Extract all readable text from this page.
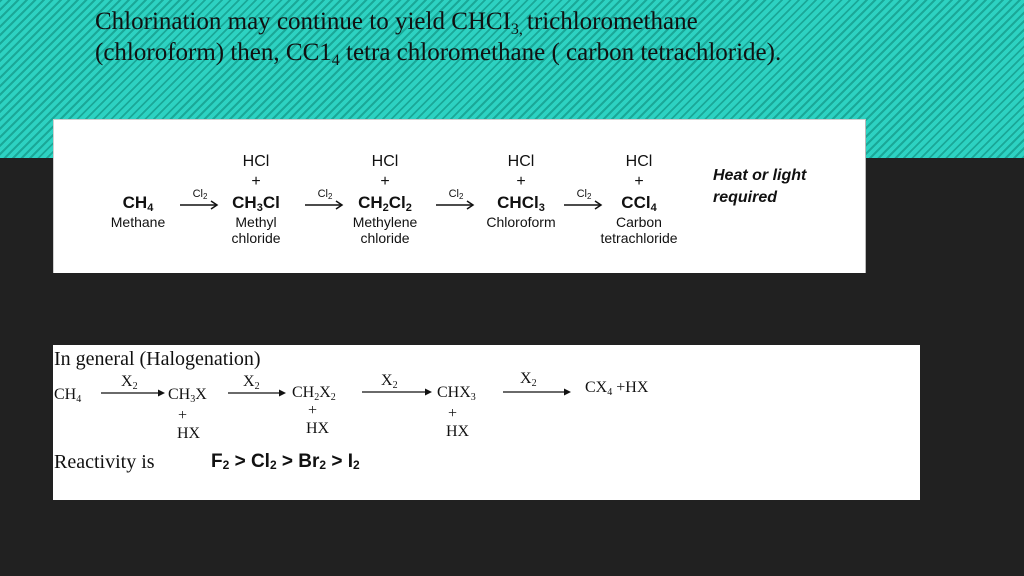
Chlorination may continue to yield $CHCI_{3,}$ trichloromethane
(chloroform) then, $CC1_4$ tetra chloromethane ( carbon tetrachloride).
$CH_4$
Methane
$Cl_2$
HCl
+
$CH_3Cl$
Methyl
chloride
$Cl_2$
HCl
+
$CH_2Cl_2$
Methylene
chloride
$Cl_2$
HCl
+
CHCl$_3$
Chloroform
$Cl_2$
HCl
+
CCl$_4$
Carbon
tetrachloride
Heat or light
required
In general (Halogenation)
$CH_4$	$CH_3X$	$CH_2X_2$	$CHX_3$
$CX_4 +HX$
$X_2$	$X_2$	$X_2$	$X_2$
+
HX
+
HX
+
HX
Reactivity is	$F_2 > Cl_2 > Br_2 > I_2$
